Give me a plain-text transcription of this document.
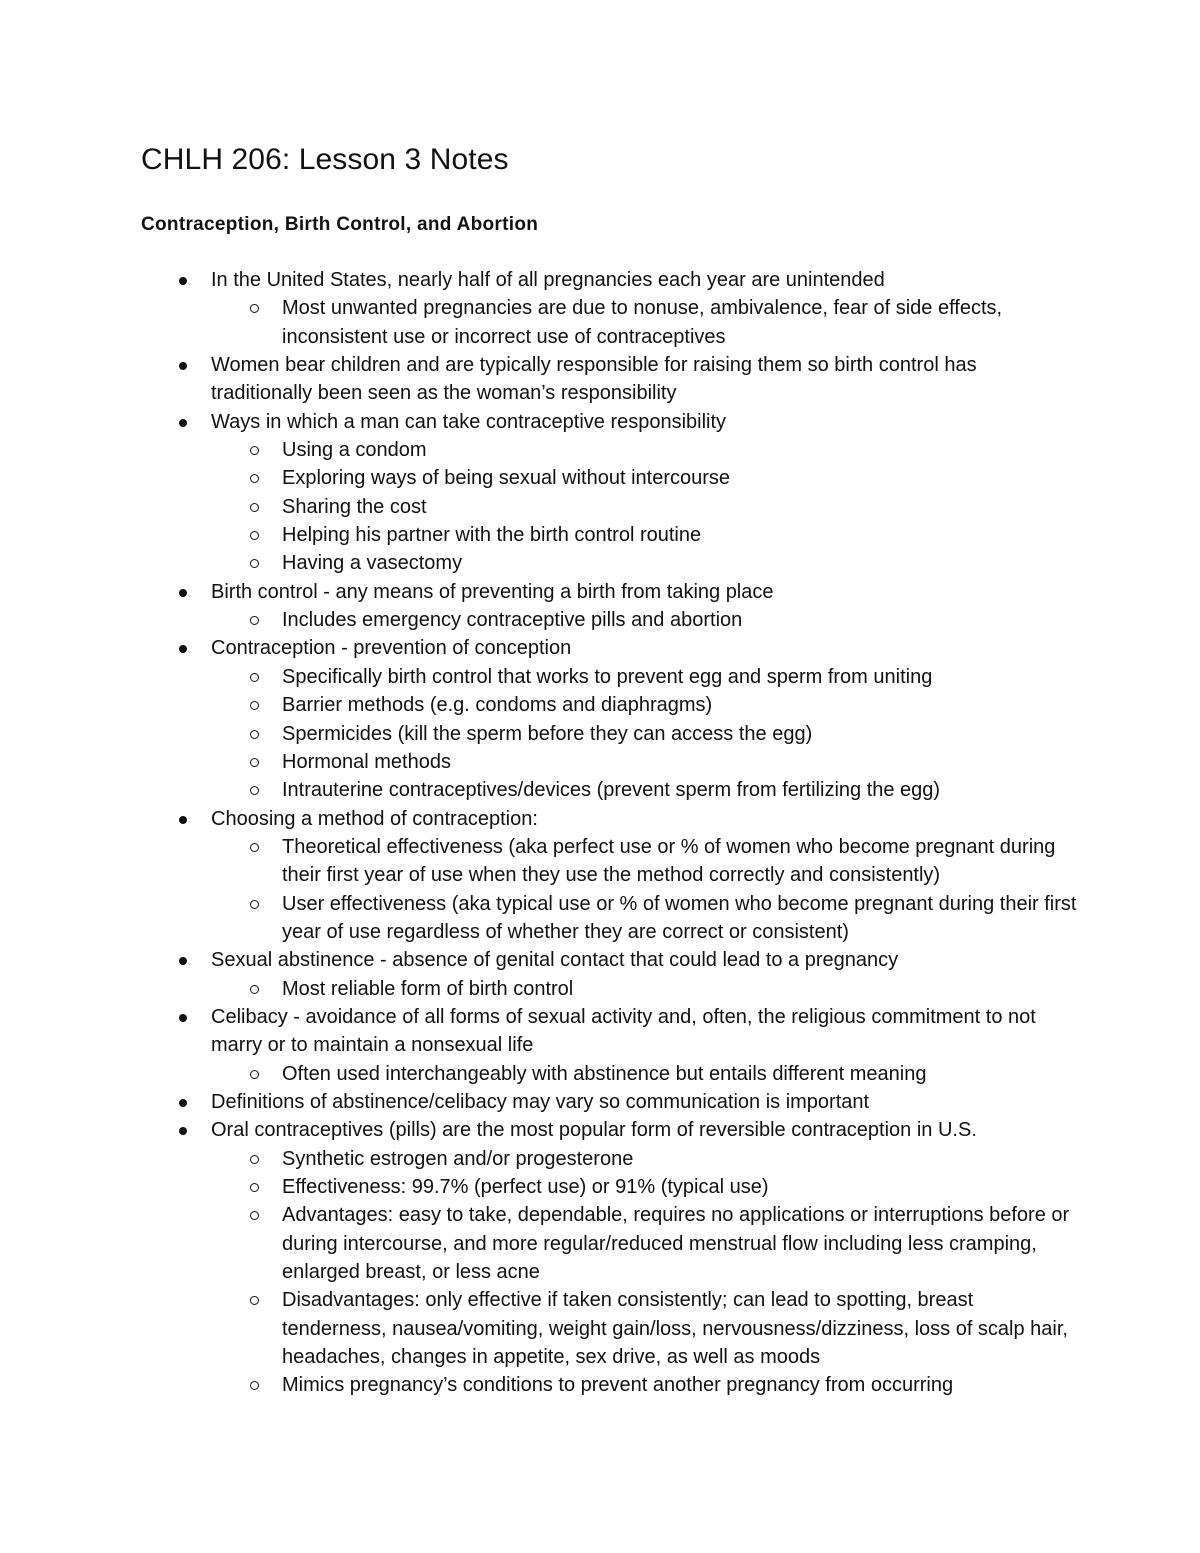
CHLH 206: Lesson 3 Notes
Contraception, Birth Control, and Abortion
In the United States, nearly half of all pregnancies each year are unintended
Most unwanted pregnancies are due to nonuse, ambivalence, fear of side effects, inconsistent use or incorrect use of contraceptives
Women bear children and are typically responsible for raising them so birth control has traditionally been seen as the woman’s responsibility
Ways in which a man can take contraceptive responsibility
Using a condom
Exploring ways of being sexual without intercourse
Sharing the cost
Helping his partner with the birth control routine
Having a vasectomy
Birth control - any means of preventing a birth from taking place
Includes emergency contraceptive pills and abortion
Contraception - prevention of conception
Specifically birth control that works to prevent egg and sperm from uniting
Barrier methods (e.g. condoms and diaphragms)
Spermicides (kill the sperm before they can access the egg)
Hormonal methods
Intrauterine contraceptives/devices (prevent sperm from fertilizing the egg)
Choosing a method of contraception:
Theoretical effectiveness (aka perfect use or % of women who become pregnant during their first year of use when they use the method correctly and consistently)
User effectiveness (aka typical use or % of women who become pregnant during their first year of use regardless of whether they are correct or consistent)
Sexual abstinence - absence of genital contact that could lead to a pregnancy
Most reliable form of birth control
Celibacy - avoidance of all forms of sexual activity and, often, the religious commitment to not marry or to maintain a nonsexual life
Often used interchangeably with abstinence but entails different meaning
Definitions of abstinence/celibacy may vary so communication is important
Oral contraceptives (pills) are the most popular form of reversible contraception in U.S.
Synthetic estrogen and/or progesterone
Effectiveness: 99.7% (perfect use) or 91% (typical use)
Advantages: easy to take, dependable, requires no applications or interruptions before or during intercourse, and more regular/reduced menstrual flow including less cramping, enlarged breast, or less acne
Disadvantages: only effective if taken consistently; can lead to spotting, breast tenderness, nausea/vomiting, weight gain/loss, nervousness/dizziness, loss of scalp hair, headaches, changes in appetite, sex drive, as well as moods
Mimics pregnancy’s conditions to prevent another pregnancy from occurring
